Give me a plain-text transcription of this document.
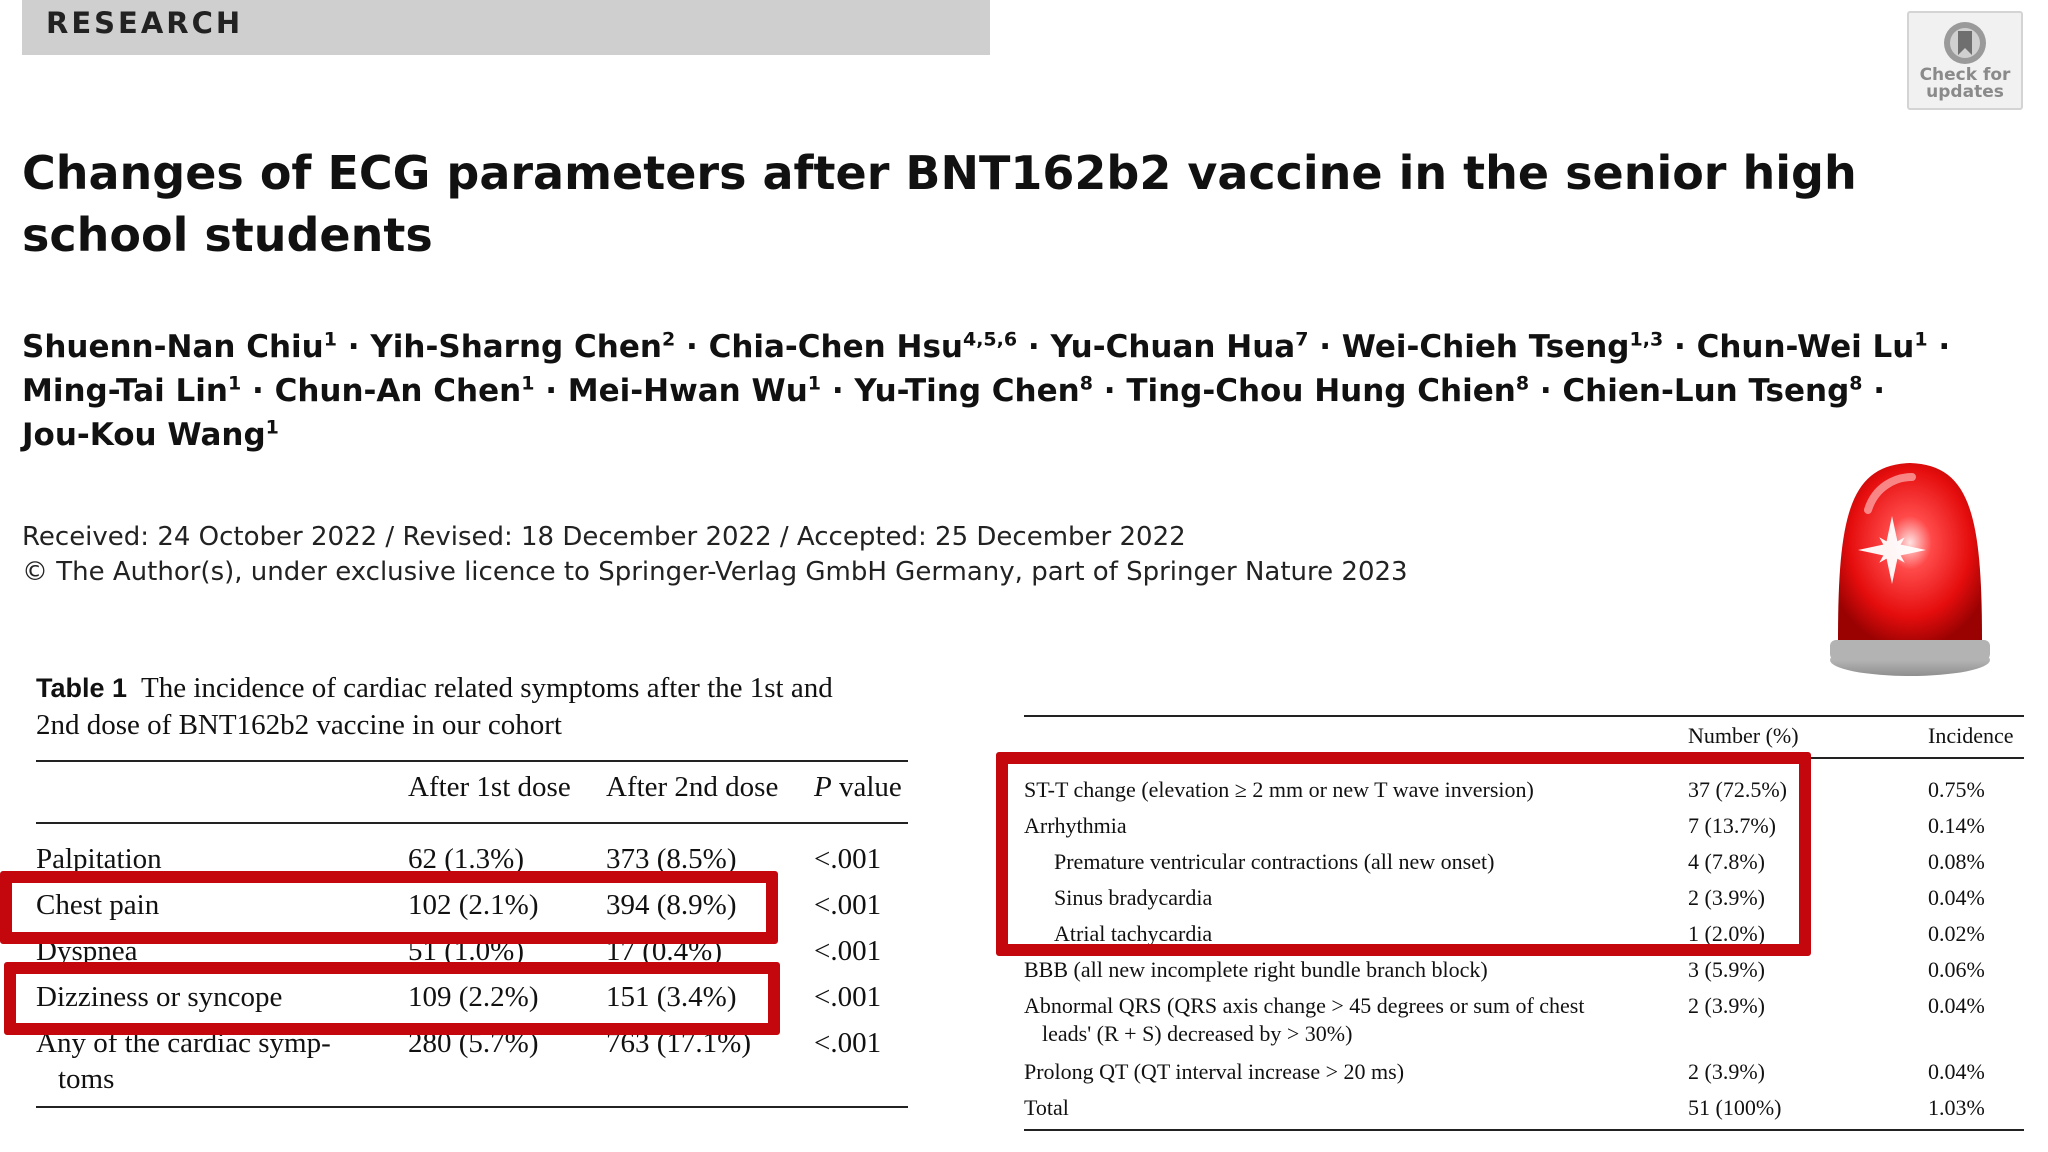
RESEARCH
Check for
updates
Changes of ECG parameters after BNT162b2 vaccine in the senior high
school students
Shuenn-Nan Chiu$^1$ · Yih-Sharng Chen$^2$ · Chia-Chen Hsu$^{4,5,6}$ · Yu-Chuan Hua$^7$ · Wei-Chieh Tseng$^{1,3}$ · Chun-Wei $Lu^1$ ·
Ming-Tai Lin$^1$ · Chun-An Chen$^1$ · Mei-Hwan $Wu^1$ · Yu-Ting Chen$^8$ · Ting-Chou Hung Chien$^8$ · Chien-Lun Tseng$^8$ ·
Jou-Kou Wang$^1$
Received: 24 October 2022 / Revised: 18 December 2022 / Accepted: 25 December 2022
© The Author(s), under exclusive licence to Springer-Verlag GmbH Germany, part of Springer Nature 2023
Table 1 The incidence of cardiac related symptoms after the 1st and
2nd dose of BNT162b2 vaccine in our cohort
After 1st dose After 2nd dose P value
Palpitation	62 (1.3%)	373 (8.5%)	<.001
Chest pain	102 (2.1%) 394 (8.9%)	<.001
Dyspnea	51 (1.0%)	17 (0.4%)	<.001
Dizziness or syncope	109 (2.2%) 151 (3.4%)	<.001
Any of the cardiac symp-
toms
280 (5.7%) 763 (17.1%) <.001
Number (%)	Incidence
ST-T change (elevation ≥ 2 mm or new T wave inversion)	37 (72.5%)	0.75%
Arrhythmia	7 (13.7%)	0.14%
Premature ventricular contractions (all new onset)	4 (7.8%)	0.08%
Sinus bradycardia	2 (3.9%)	0.04%
Atrial tachycardia	1 (2.0%)	0.02%
BBB (all new incomplete right bundle branch block)	3 (5.9%)	0.06%
Abnormal QRS (QRS axis change > 45 degrees or sum of chest
leads' (R + S) decreased by > 30%)
2 (3.9%)	0.04%
Prolong QT (QT interval increase > 20 ms)	2 (3.9%)	0.04%
Total	51 (100%)	1.03%
